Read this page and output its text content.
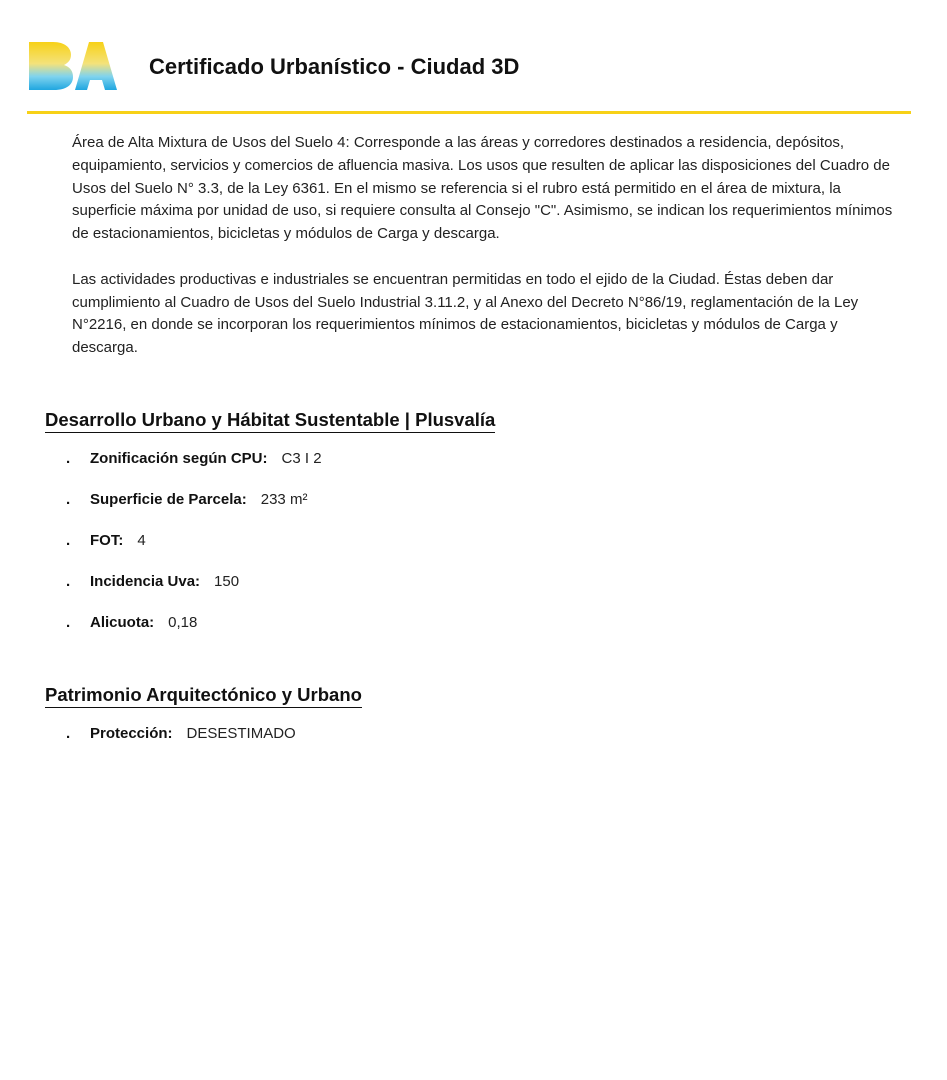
Certificado Urbanístico - Ciudad 3D

Área de Alta Mixtura de Usos del Suelo 4: Corresponde a las áreas y corredores destinados a residencia, depósitos, equipamiento, servicios y comercios de afluencia masiva. Los usos que resulten de aplicar las disposiciones del Cuadro de Usos del Suelo N° 3.3, de la Ley 6361. En el mismo se referencia si el rubro está permitido en el área de mixtura, la superficie máxima por unidad de uso, si requiere consulta al Consejo "C". Asimismo, se indican los requerimientos mínimos de estacionamientos, bicicletas y módulos de Carga y descarga.

Las actividades productivas e industriales se encuentran permitidas en todo el ejido de la Ciudad. Éstas deben dar cumplimiento al Cuadro de Usos del Suelo Industrial 3.11.2, y al Anexo del Decreto N°86/19, reglamentación de la Ley N°2216, en donde se incorporan los requerimientos mínimos de estacionamientos, bicicletas y módulos de Carga y descarga.

Desarrollo Urbano y Hábitat Sustentable | Plusvalía
. Zonificación según CPU: C3 I 2
. Superficie de Parcela: 233 m²
. FOT: 4
. Incidencia Uva: 150
. Alicuota: 0,18
Patrimonio Arquitectónico y Urbano
. Protección: DESESTIMADO
